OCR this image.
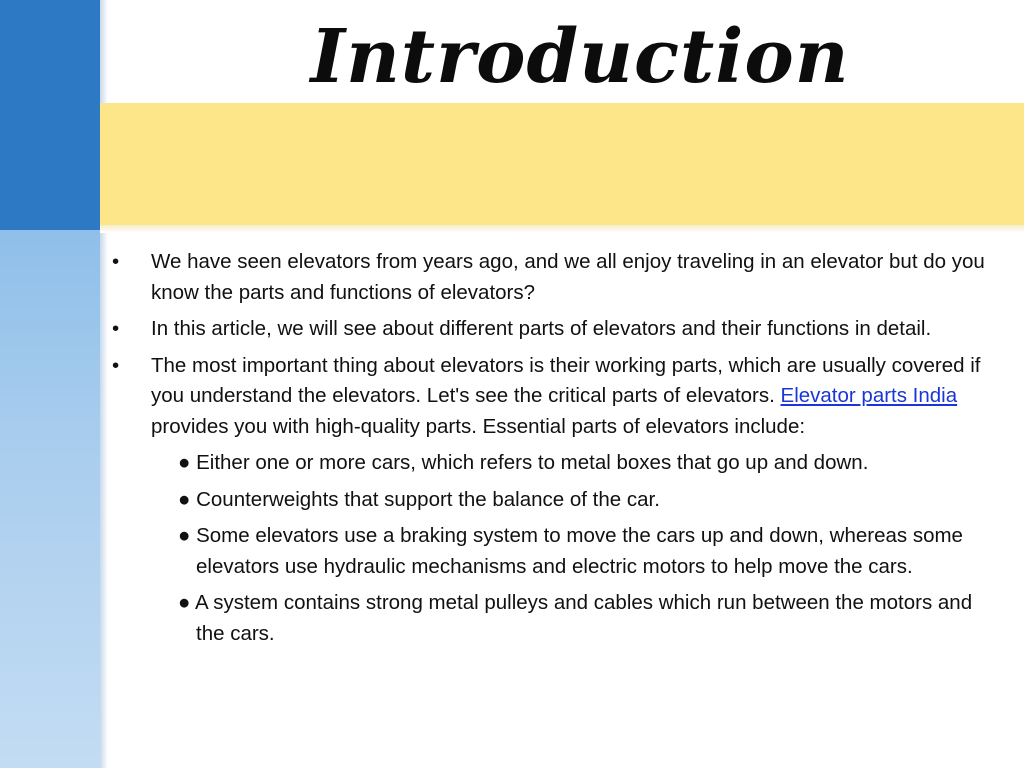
Introduction
• We have seen elevators from years ago, and we all enjoy traveling in an elevator but do you know the parts and functions of elevators?
• In this article, we will see about different parts of elevators and their functions in detail.
• The most important thing about elevators is their working parts, which are usually covered if you understand the elevators. Let's see the critical parts of elevators. Elevator parts India provides you with high-quality parts. Essential parts of elevators include:
● Either one or more cars, which refers to metal boxes that go up and down.
● Counterweights that support the balance of the car.
● Some elevators use a braking system to move the cars up and down, whereas some elevators use hydraulic mechanisms and electric motors to help move the cars.
● A system contains strong metal pulleys and cables which run between the motors and the cars.
